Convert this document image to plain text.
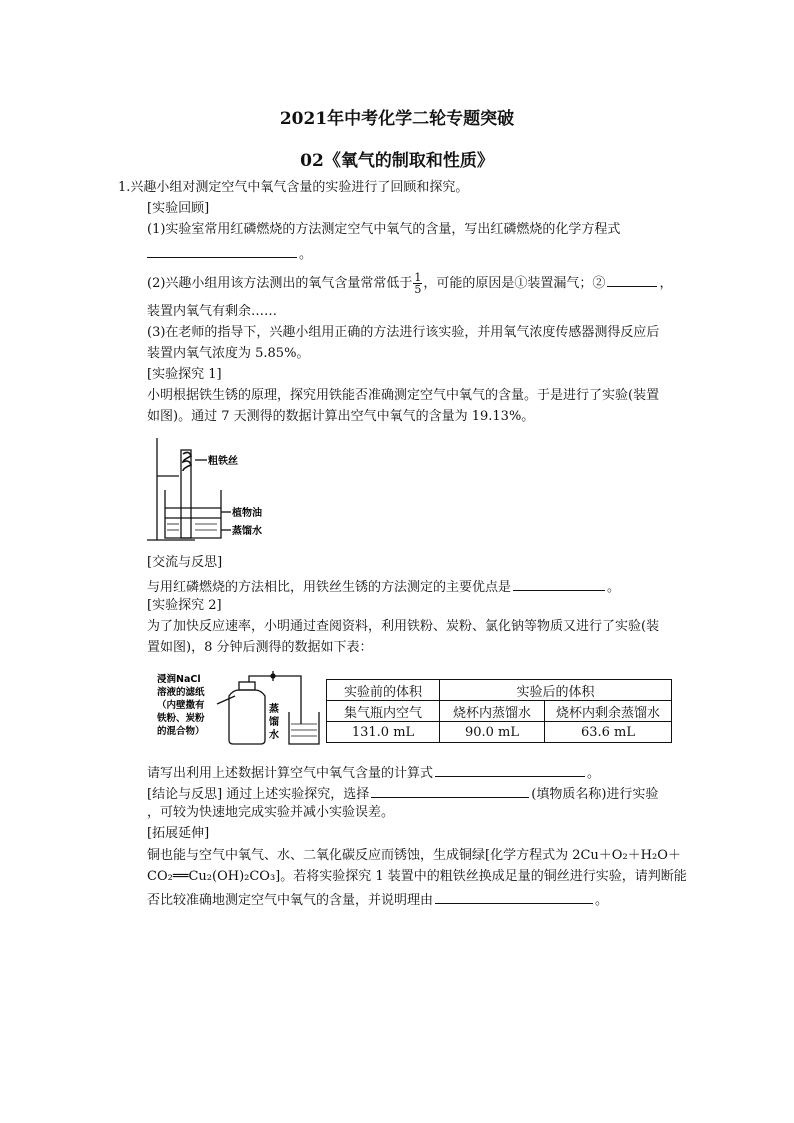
2021年中考化学二轮专题突破
02《氧气的制取和性质》
1.兴趣小组对测定空气中氧气含量的实验进行了回顾和探究。
[实验回顾]
(1)实验室常用红磷燃烧的方法测定空气中氧气的含量，写出红磷燃烧的化学方程式
。
(2)兴趣小组用该方法测出的氧气含量常常低于 $\frac{1}{5}$ ，可能的原因是①装置漏气；②	，
装置内氧气有剩余……
(3)在老师的指导下，兴趣小组用正确的方法进行该实验，并用氧气浓度传感器测得反应后
装置内氧气浓度为 5.85%。
[实验探究 1]
小明根据铁生锈的原理，探究用铁能否准确测定空气中氧气的含量。于是进行了实验(装置
如图)。通过 7 天测得的数据计算出空气中氧气的含量为 19.13%。
粗铁丝
植物油
蒸馏水
[交流与反思]
与用红磷燃烧的方法相比，用铁丝生锈的方法测定的主要优点是	。
[实验探究 2]
为了加快反应速率，小明通过查阅资料，利用铁粉、炭粉、氯化钠等物质又进行了实验(装
置如图)，8 分钟后测得的数据如下表：
浸润NaCl
溶液的滤纸
（内壁撒有
铁粉、炭粉
的混合物）
蒸
馏
水
实验前的体积	实验后的体积	
集气瓶内空气	烧杯内蒸馏水	烧杯内剩余蒸馏水
131.0 mL	90.0 mL	63.6 mL
请写出利用上述数据计算空气中氧气含量的计算式	。
[结论与反思] 通过上述实验探究，选择	(填物质名称)进行实验
，可较为快速地完成实验并减小实验误差。
[拓展延伸]
铜也能与空气中氧气、水、二氧化碳反应而锈蚀，生成铜绿[化学方程式为 2Cu＋O₂＋H₂O＋
CO₂══Cu₂(OH)₂CO₃]。若将实验探究 1 装置中的粗铁丝换成足量的铜丝进行实验，请判断能
否比较准确地测定空气中氧气的含量，并说明理由	。
